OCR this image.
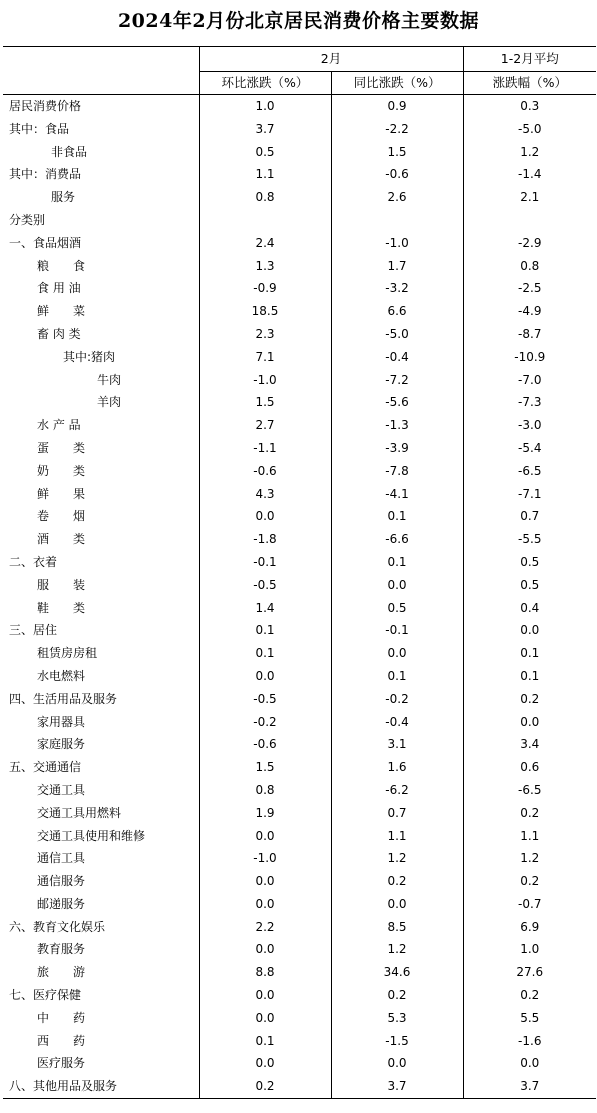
2024年2月份北京居民消费价格主要数据
	2月		1-2月平均
	环比涨跌（%）	同比涨跌（%）	涨跌幅（%）
居民消费价格	1.0	0.9	0.3
其中：食品	3.7	-2.2	-5.0
非食品	0.5	1.5	1.2
其中：消费品	1.1	-0.6	-1.4
服务	0.8	2.6	2.1
分类别			
一、食品烟酒	2.4	-1.0	-2.9
粮　　食	1.3	1.7	0.8
食 用 油	-0.9	-3.2	-2.5
鲜　　菜	18.5	6.6	-4.9
畜 肉 类	2.3	-5.0	-8.7
其中:猪肉	7.1	-0.4	-10.9
牛肉	-1.0	-7.2	-7.0
羊肉	1.5	-5.6	-7.3
水 产 品	2.7	-1.3	-3.0
蛋　　类	-1.1	-3.9	-5.4
奶　　类	-0.6	-7.8	-6.5
鲜　　果	4.3	-4.1	-7.1
卷　　烟	0.0	0.1	0.7
酒　　类	-1.8	-6.6	-5.5
二、衣着	-0.1	0.1	0.5
服　　装	-0.5	0.0	0.5
鞋　　类	1.4	0.5	0.4
三、居住	0.1	-0.1	0.0
租赁房房租	0.1	0.0	0.1
水电燃料	0.0	0.1	0.1
四、生活用品及服务	-0.5	-0.2	0.2
家用器具	-0.2	-0.4	0.0
家庭服务	-0.6	3.1	3.4
五、交通通信	1.5	1.6	0.6
交通工具	0.8	-6.2	-6.5
交通工具用燃料	1.9	0.7	0.2
交通工具使用和维修	0.0	1.1	1.1
通信工具	-1.0	1.2	1.2
通信服务	0.0	0.2	0.2
邮递服务	0.0	0.0	-0.7
六、教育文化娱乐	2.2	8.5	6.9
教育服务	0.0	1.2	1.0
旅　　游	8.8	34.6	27.6
七、医疗保健	0.0	0.2	0.2
中　　药	0.0	5.3	5.5
西　　药	0.1	-1.5	-1.6
医疗服务	0.0	0.0	0.0
八、其他用品及服务	0.2	3.7	3.7
